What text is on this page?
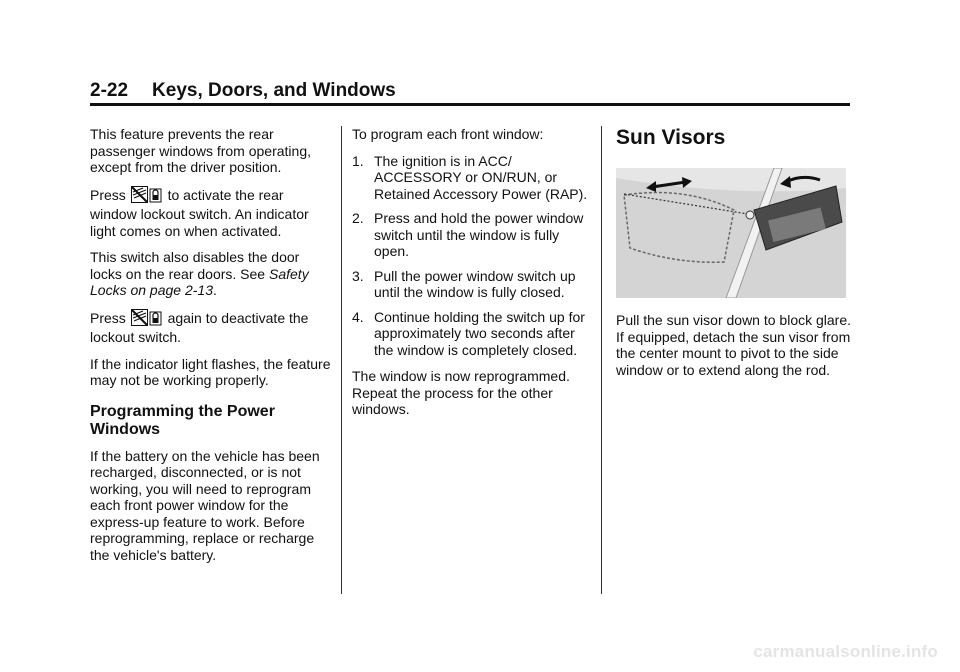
2-22 Keys, Doors, and Windows

This feature prevents the rear passenger windows from operating, except from the driver position.

Press	to activate the rear window lockout switch. An indicator light comes on when activated.

This switch also disables the door locks on the rear doors. See Safety Locks on page 2-13.

Press	again to deactivate the lockout switch.

If the indicator light flashes, the feature may not be working properly.

Programming the Power Windows

If the battery on the vehicle has been recharged, disconnected, or is not working, you will need to reprogram each front power window for the express-up feature to work. Before reprogramming, replace or recharge the vehicle's battery.

To program each front window:

1. The ignition is in ACC/ ACCESSORY or ON/RUN, or Retained Accessory Power (RAP).
2. Press and hold the power window switch until the window is fully open.
3. Pull the power window switch up until the window is fully closed.
4. Continue holding the switch up for approximately two seconds after the window is completely closed.

The window is now reprogrammed. Repeat the process for the other windows.

Sun Visors

Pull the sun visor down to block glare. If equipped, detach the sun visor from the center mount to pivot to the side window or to extend along the rod.

carmanualsonline.info
